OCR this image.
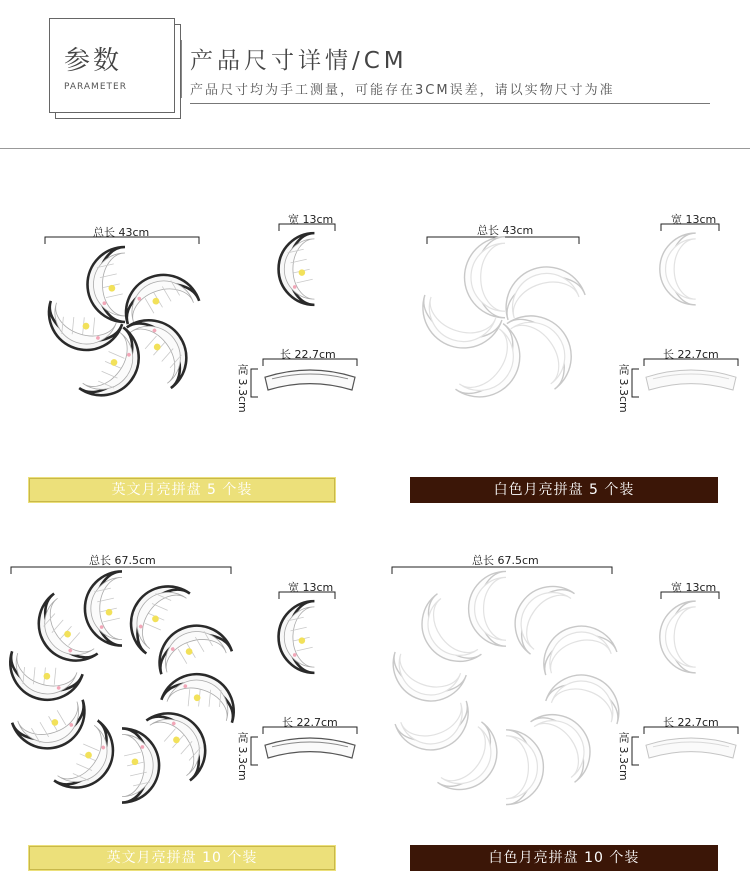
参数
PARAMETER
产品尺寸详情/CM
产品尺寸均为手工测量，可能存在3CM误差，请以实物尺寸为准
总长 43cm
宽 13cm
长 22.7cm
高 3.3cm
英文月亮拼盘 5 个装
总长 43cm
宽 13cm
长 22.7cm
高 3.3cm
白色月亮拼盘 5 个装
总长 67.5cm
宽 13cm
长 22.7cm
高 3.3cm
英文月亮拼盘 10 个装
总长 67.5cm
宽 13cm
长 22.7cm
高 3.3cm
白色月亮拼盘 10 个装
